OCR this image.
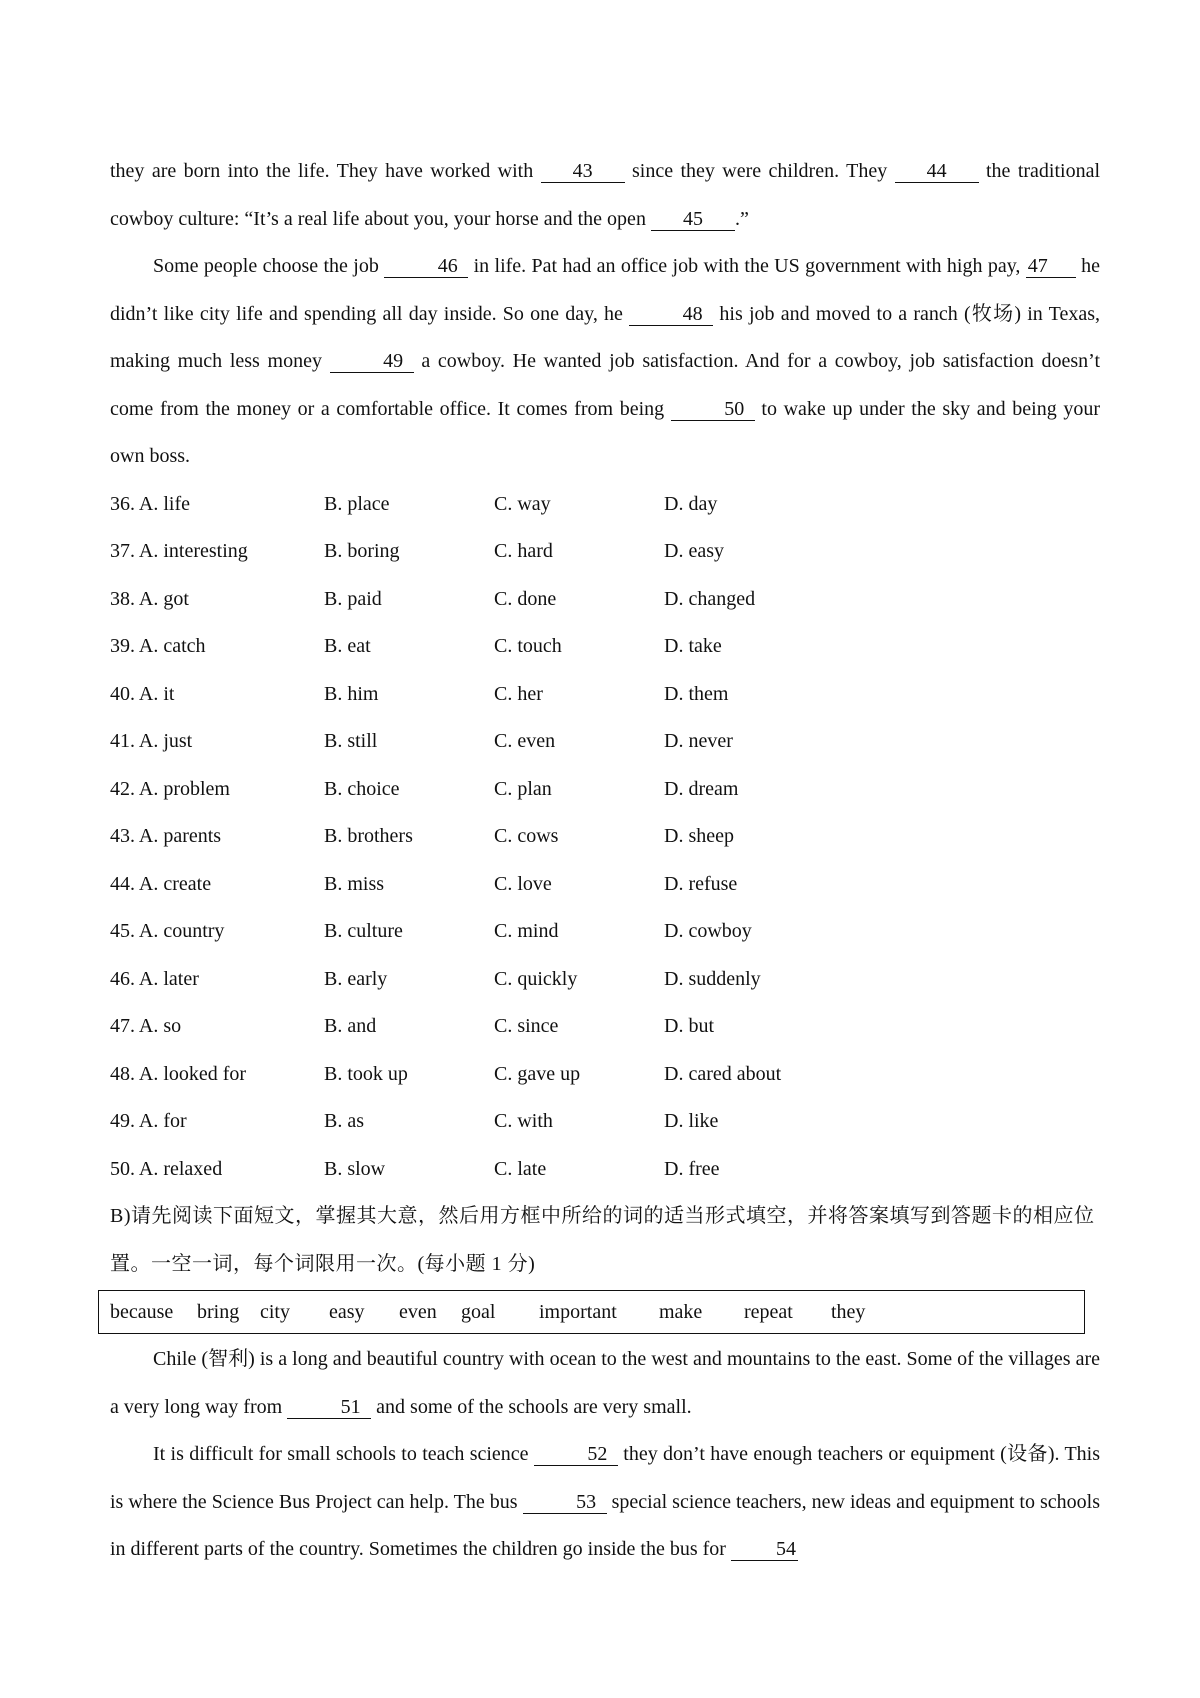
they are born into the life. They have worked with 43 since they were children. They 44 the traditional cowboy culture: “It’s a real life about you, your horse and the open 45 .”

Some people choose the job	46 in life. Pat had an office job with the US government with high pay, 47 he didn’t like city life and spending all day inside. So one day, he	48 his job and moved to a ranch (牧场) in Texas, making much less money	49 a cowboy. He wanted job satisfaction. And for a cowboy, job satisfaction doesn’t come from the money or a comfortable office. It comes from being	50 to wake up under the sky and being your own boss.

36. A. life	B. place	C. way	D. day
37. A. interesting	B. boring	C. hard	D. easy
38. A. got	B. paid	C. done	D. changed
39. A. catch	B. eat	C. touch	D. take
40. A. it	B. him	C. her	D. them
41. A. just	B. still	C. even	D. never
42. A. problem	B. choice	C. plan	D. dream
43. A. parents	B. brothers	C. cows	D. sheep
44. A. create	B. miss	C. love	D. refuse
45. A. country	B. culture	C. mind	D. cowboy
46. A. later	B. early	C. quickly	D. suddenly
47. A. so	B. and	C. since	D. but
48. A. looked for	B. took up	C. gave up	D. cared about
49. A. for	B. as	C. with	D. like
50. A. relaxed	B. slow	C. late	D. free

B)请先阅读下面短文，掌握其大意，然后用方框中所给的词的适当形式填空，并将答案填写到答题卡的相应位置。一空一词，每个词限用一次。(每小题 1 分)

because	bring	city	easy	even	goal	important	make	repeat	they

Chile (智利) is a long and beautiful country with ocean to the west and mountains to the east. Some of the villages are a very long way from	51 and some of the schools are very small.

It is difficult for small schools to teach science	52 they don’t have enough teachers or equipment (设备). This is where the Science Bus Project can help. The bus	53 special science teachers, new ideas and equipment to schools in different parts of the country. Sometimes the children go inside the bus for	54
